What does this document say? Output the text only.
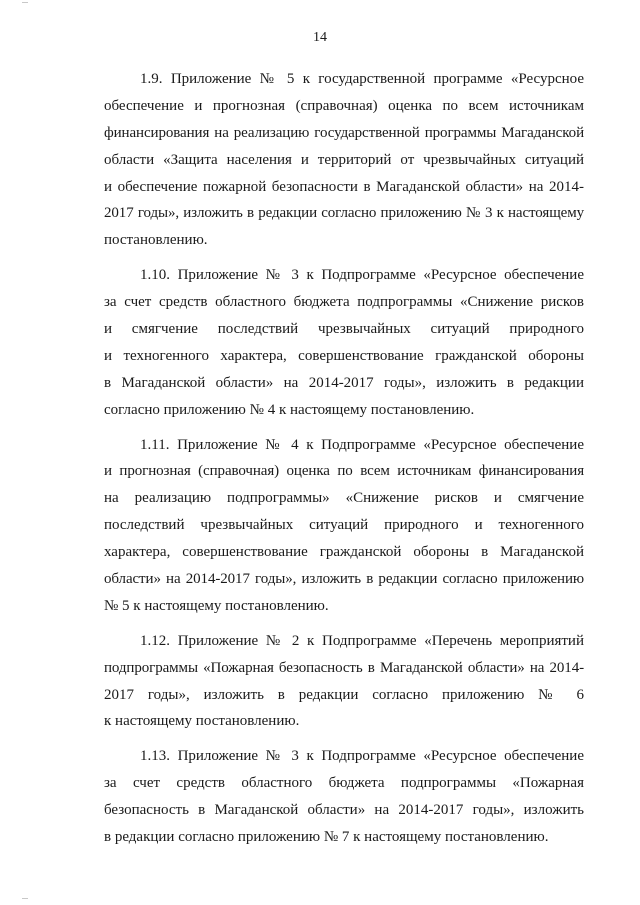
14
1.9. Приложение № 5 к государственной программе «Ресурсное
обеспечение и прогнозная (справочная) оценка по всем источникам
финансирования на реализацию государственной программы Магаданской
области «Защита населения и территорий от чрезвычайных ситуаций
и обеспечение пожарной безопасности в Магаданской области» на 2014-
2017 годы», изложить в редакции согласно приложению № 3 к настоящему
постановлению.
1.10. Приложение № 3 к Подпрограмме «Ресурсное обеспечение
за счет средств областного бюджета подпрограммы «Снижение рисков
и смягчение последствий чрезвычайных ситуаций природного
и техногенного характера, совершенствование гражданской обороны
в Магаданской области» на 2014-2017 годы», изложить в редакции
согласно приложению № 4 к настоящему постановлению.
1.11. Приложение № 4 к Подпрограмме «Ресурсное обеспечение
и прогнозная (справочная) оценка по всем источникам финансирования
на реализацию подпрограммы» «Снижение рисков и смягчение
последствий чрезвычайных ситуаций природного и техногенного
характера, совершенствование гражданской обороны в Магаданской
области» на 2014-2017 годы», изложить в редакции согласно приложению
№ 5 к настоящему постановлению.
1.12. Приложение № 2 к Подпрограмме «Перечень мероприятий
подпрограммы «Пожарная безопасность в Магаданской области» на 2014-
2017 годы», изложить в редакции согласно приложению № 6
к настоящему постановлению.
1.13. Приложение № 3 к Подпрограмме «Ресурсное обеспечение
за счет средств областного бюджета подпрограммы «Пожарная
безопасность в Магаданской области» на 2014-2017 годы», изложить
в редакции согласно приложению № 7 к настоящему постановлению.
